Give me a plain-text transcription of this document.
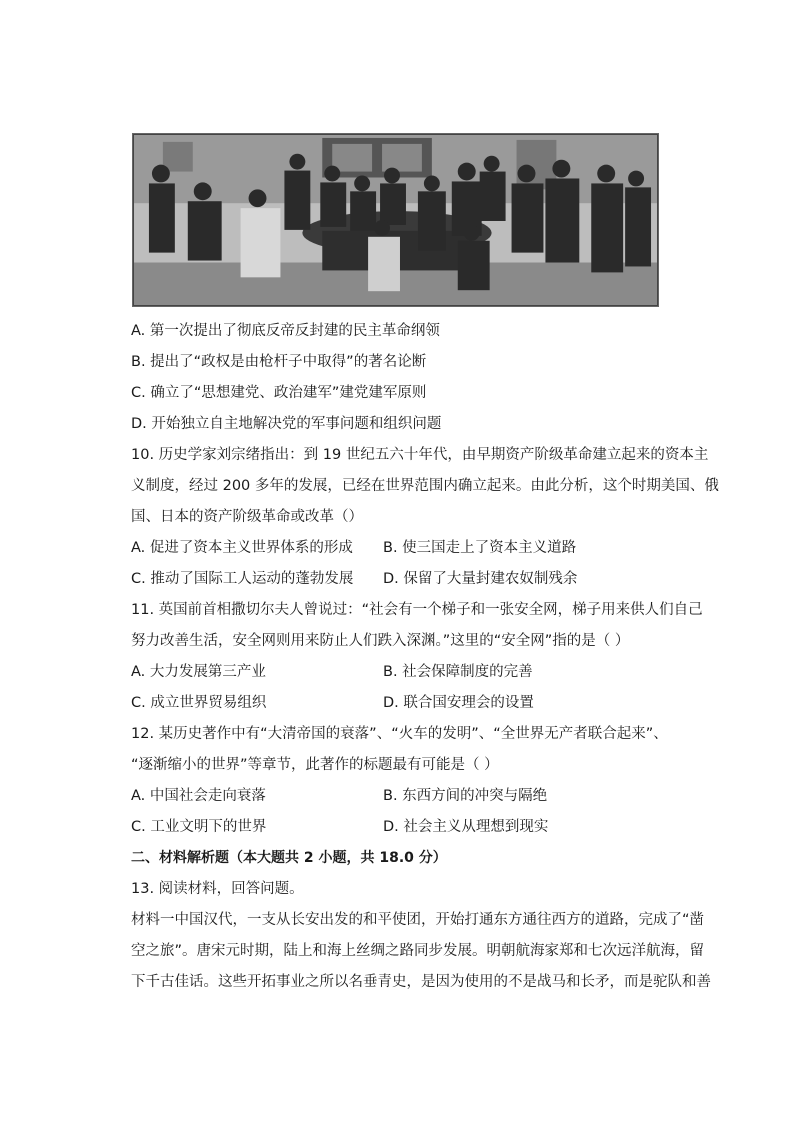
A. 第一次提出了彻底反帝反封建的民主革命纲领
B. 提出了“政权是由枪杆子中取得”的著名论断
C. 确立了“思想建党、政治建军”建党建军原则
D. 开始独立自主地解决党的军事问题和组织问题
10. 历史学家刘宗绪指出：到 19 世纪五六十年代，由早期资产阶级革命建立起来的资本主
义制度，经过 200 多年的发展，已经在世界范围内确立起来。由此分析，这个时期美国、俄
国、日本的资产阶级革命或改革（）
A. 促进了资本主义世界体系的形成	B. 使三国走上了资本主义道路
C. 推动了国际工人运动的蓬勃发展	D. 保留了大量封建农奴制残余
11. 英国前首相撒切尔夫人曾说过：“社会有一个梯子和一张安全网，梯子用来供人们自己
努力改善生活，安全网则用来防止人们跌入深渊。”这里的“安全网”指的是（ ）
A. 大力发展第三产业	B. 社会保障制度的完善
C. 成立世界贸易组织	D. 联合国安理会的设置
12. 某历史著作中有“大清帝国的衰落”、“火车的发明”、“全世界无产者联合起来”、
“逐渐缩小的世界”等章节，此著作的标题最有可能是（ ）
A. 中国社会走向衰落	B. 东西方间的冲突与隔绝
C. 工业文明下的世界	D. 社会主义从理想到现实
二、材料解析题（本大题共 2 小题，共 18.0 分）
13. 阅读材料，回答问题。
材料一中国汉代，一支从长安出发的和平使团，开始打通东方通往西方的道路，完成了“凿
空之旅”。唐宋元时期，陆上和海上丝绸之路同步发展。明朝航海家郑和七次远洋航海，留
下千古佳话。这些开拓事业之所以名垂青史，是因为使用的不是战马和长矛，而是驼队和善
